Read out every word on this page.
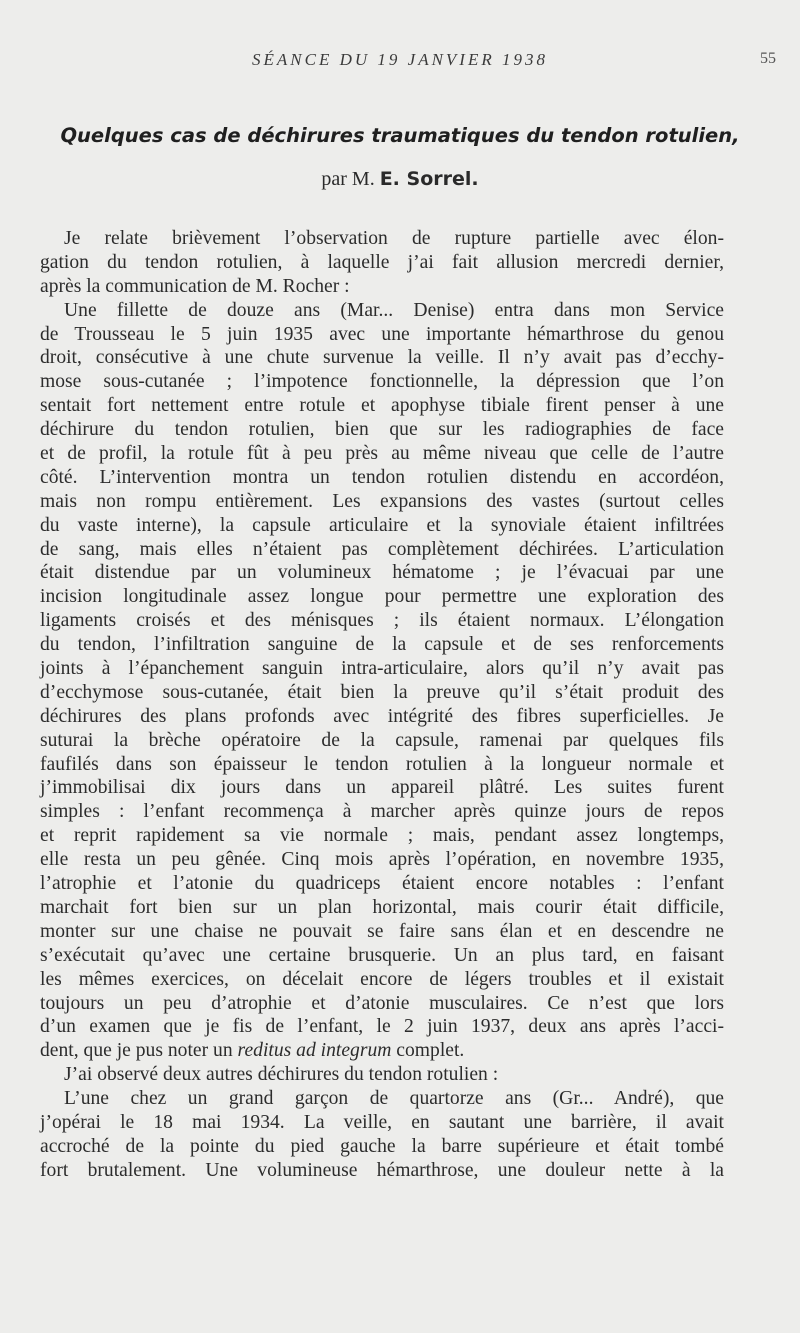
SÉANCE DU 19 JANVIER 1938	55
Quelques cas de déchirures traumatiques du tendon rotulien,
par M. E. Sorrel.
Je relate brièvement l’observation de rupture partielle avec élon-
gation du tendon rotulien, à laquelle j’ai fait allusion mercredi dernier,
après la communication de M. Rocher :
Une fillette de douze ans (Mar... Denise) entra dans mon Service
de Trousseau le 5 juin 1935 avec une importante hémarthrose du genou
droit, consécutive à une chute survenue la veille. Il n’y avait pas d’ecchy-
mose sous-cutanée ; l’impotence fonctionnelle, la dépression que l’on
sentait fort nettement entre rotule et apophyse tibiale firent penser à une
déchirure du tendon rotulien, bien que sur les radiographies de face
et de profil, la rotule fût à peu près au même niveau que celle de l’autre
côté. L’intervention montra un tendon rotulien distendu en accordéon,
mais non rompu entièrement. Les expansions des vastes (surtout celles
du vaste interne), la capsule articulaire et la synoviale étaient infiltrées
de sang, mais elles n’étaient pas complètement déchirées. L’articulation
était distendue par un volumineux hématome ; je l’évacuai par une
incision longitudinale assez longue pour permettre une exploration des
ligaments croisés et des ménisques ; ils étaient normaux. L’élongation
du tendon, l’infiltration sanguine de la capsule et de ses renforcements
joints à l’épanchement sanguin intra-articulaire, alors qu’il n’y avait pas
d’ecchymose sous-cutanée, était bien la preuve qu’il s’était produit des
déchirures des plans profonds avec intégrité des fibres superficielles. Je
suturai la brèche opératoire de la capsule, ramenai par quelques fils
faufilés dans son épaisseur le tendon rotulien à la longueur normale et
j’immobilisai dix jours dans un appareil plâtré. Les suites furent
simples : l’enfant recommença à marcher après quinze jours de repos
et reprit rapidement sa vie normale ; mais, pendant assez longtemps,
elle resta un peu gênée. Cinq mois après l’opération, en novembre 1935,
l’atrophie et l’atonie du quadriceps étaient encore notables : l’enfant
marchait fort bien sur un plan horizontal, mais courir était difficile,
monter sur une chaise ne pouvait se faire sans élan et en descendre ne
s’exécutait qu’avec une certaine brusquerie. Un an plus tard, en faisant
les mêmes exercices, on décelait encore de légers troubles et il existait
toujours un peu d’atrophie et d’atonie musculaires. Ce n’est que lors
d’un examen que je fis de l’enfant, le 2 juin 1937, deux ans après l’acci-
dent, que je pus noter un reditus ad integrum complet.
J’ai observé deux autres déchirures du tendon rotulien :
L’une chez un grand garçon de quartorze ans (Gr... André), que
j’opérai le 18 mai 1934. La veille, en sautant une barrière, il avait
accroché de la pointe du pied gauche la barre supérieure et était tombé
fort brutalement. Une volumineuse hémarthrose, une douleur nette à la
